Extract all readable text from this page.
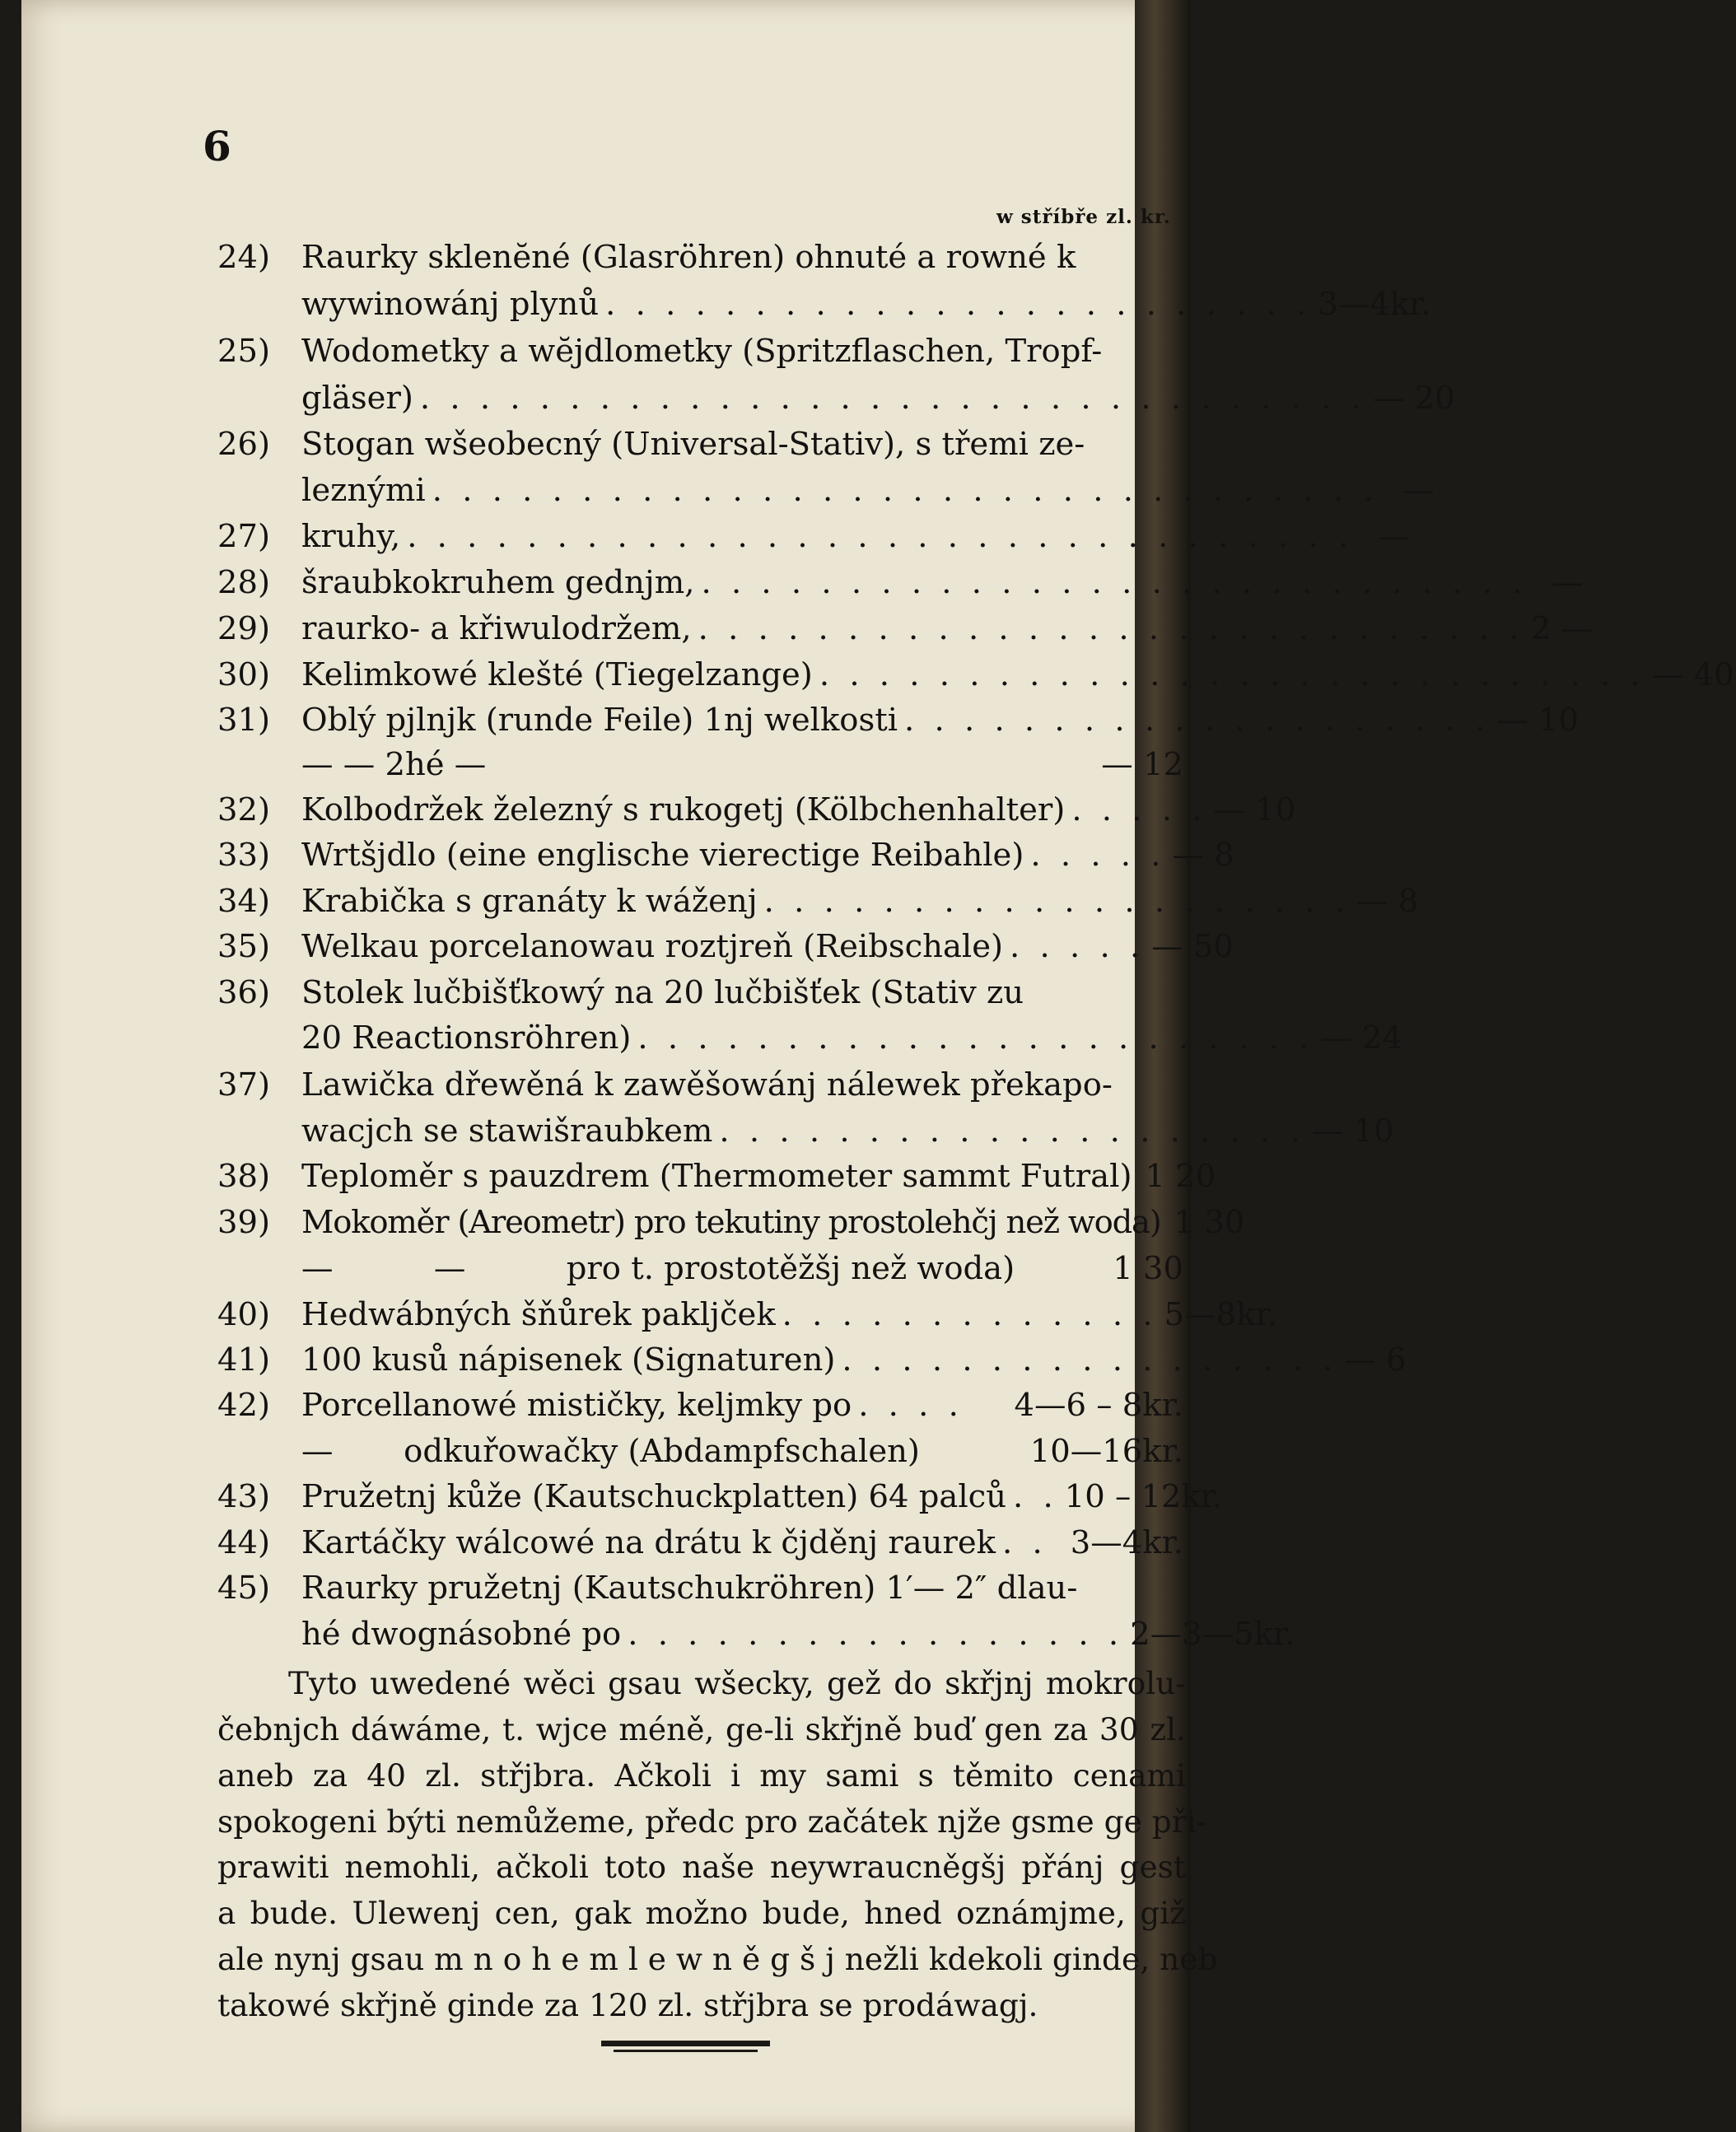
6
w stříbře zl. kr.
24) Raurky sklenĕné (Glasröhren) ohnuté a rowné k
wywinowánj plynů . . . . . . . . . . . . . . . . . . . . . . . . 3—4kr.
25) Wodometky a wĕjdlometky (Spritzflaschen, Tropf-
gläser) . . . . . . . . . . . . . . . . . . . . . . . . . . . . . . . . — 20
26) Stogan wšeobecný (Universal-Stativ), s třemi ze-
leznými . . . . . . . . . . . . . . . . . . . . . . . . . . . . . . . . —
27) kruhy, . . . . . . . . . . . . . . . . . . . . . . . . . . . . . . . . —
28) šraubkokruhem gednjm, . . . . . . . . . . . . . . . . . . . . . . . . . . . . —
29) raurko- a křiwulodržem, . . . . . . . . . . . . . . . . . . . . . . . . . . . . 2 —
30) Kelimkowé klešté (Tiegelzange) . . . . . . . . . . . . . . . . . . . . . . . . . . . . — 40
31) Oblý pjlnjk (runde Feile) 1nj welkosti . . . . . . . . . . . . . . . . . . . . — 10
— — 2hé —	— 12
32) Kolbodržek železný s rukogetj (Kölbchenhalter) . . . . . — 10
33) Wrtšjdlo (eine englische vierectige Reibahle) . . . . . — 8
34) Krabička s granáty k wáženj . . . . . . . . . . . . . . . . . . . . — 8
35) Welkau porcelanowau roztjreň (Reibschale) . . . . . — 50
36) Stolek lučbišťkowý na 20 lučbišťek (Stativ zu
20 Reactionsröhren) . . . . . . . . . . . . . . . . . . . . . . . — 24
37) Lawička dřewěná k zawěšowánj nálewek překapo-
wacjch se stawišraubkem . . . . . . . . . . . . . . . . . . . . — 10
38) Teploměr s pauzdrem (Thermometer sammt Futral) 1 20
39) Mokoměr (Areometr) pro tekutiny prostolehčj než woda) 1 30
—          —          pro t. prostotěžšj než woda)	1 30
40) Hedwábných šňůrek pakljček . . . . . . . . . . . . . 5—8kr.
41) 100 kusů nápisenek (Signaturen) . . . . . . . . . . . . . . . . . — 6
42) Porcellanowé mističky, keljmky po . . . .	4—6 – 8kr.
—       odkuřowačky (Abdampfschalen)	10—16kr.
43) Pružetnj kůže (Kautschuckplatten) 64 palců . . 10 – 12kr.
44) Kartáčky wálcowé na drátu k čjděnj raurek . . 3—4kr.
45) Raurky pružetnj (Kautschukröhren) 1′— 2″ dlau-
hé dwognásobné po . . . . . . . . . . . . . . . . . 2—3—5kr.
Tyto uwedené wěci gsau wšecky, gež do skřjnj mokrolu-
čebnjch dáwáme, t. wjce méně, ge-li skřjně buď gen za 30 zl.
aneb za 40 zl. střjbra. Ačkoli i my sami s těmito cenami
spokogeni býti nemůžeme, předc pro začátek njže gsme ge při-
prawiti nemohli, ačkoli toto naše neywraucněgšj přánj gest
a bude. Ulewenj cen, gak možno bude, hned oznámjme, giž
ale nynj gsau m n o h e m l e w n ě g š j nežli kdekoli ginde, neb
takowé skřjně ginde za 120 zl. střjbra se prodáwagj.
